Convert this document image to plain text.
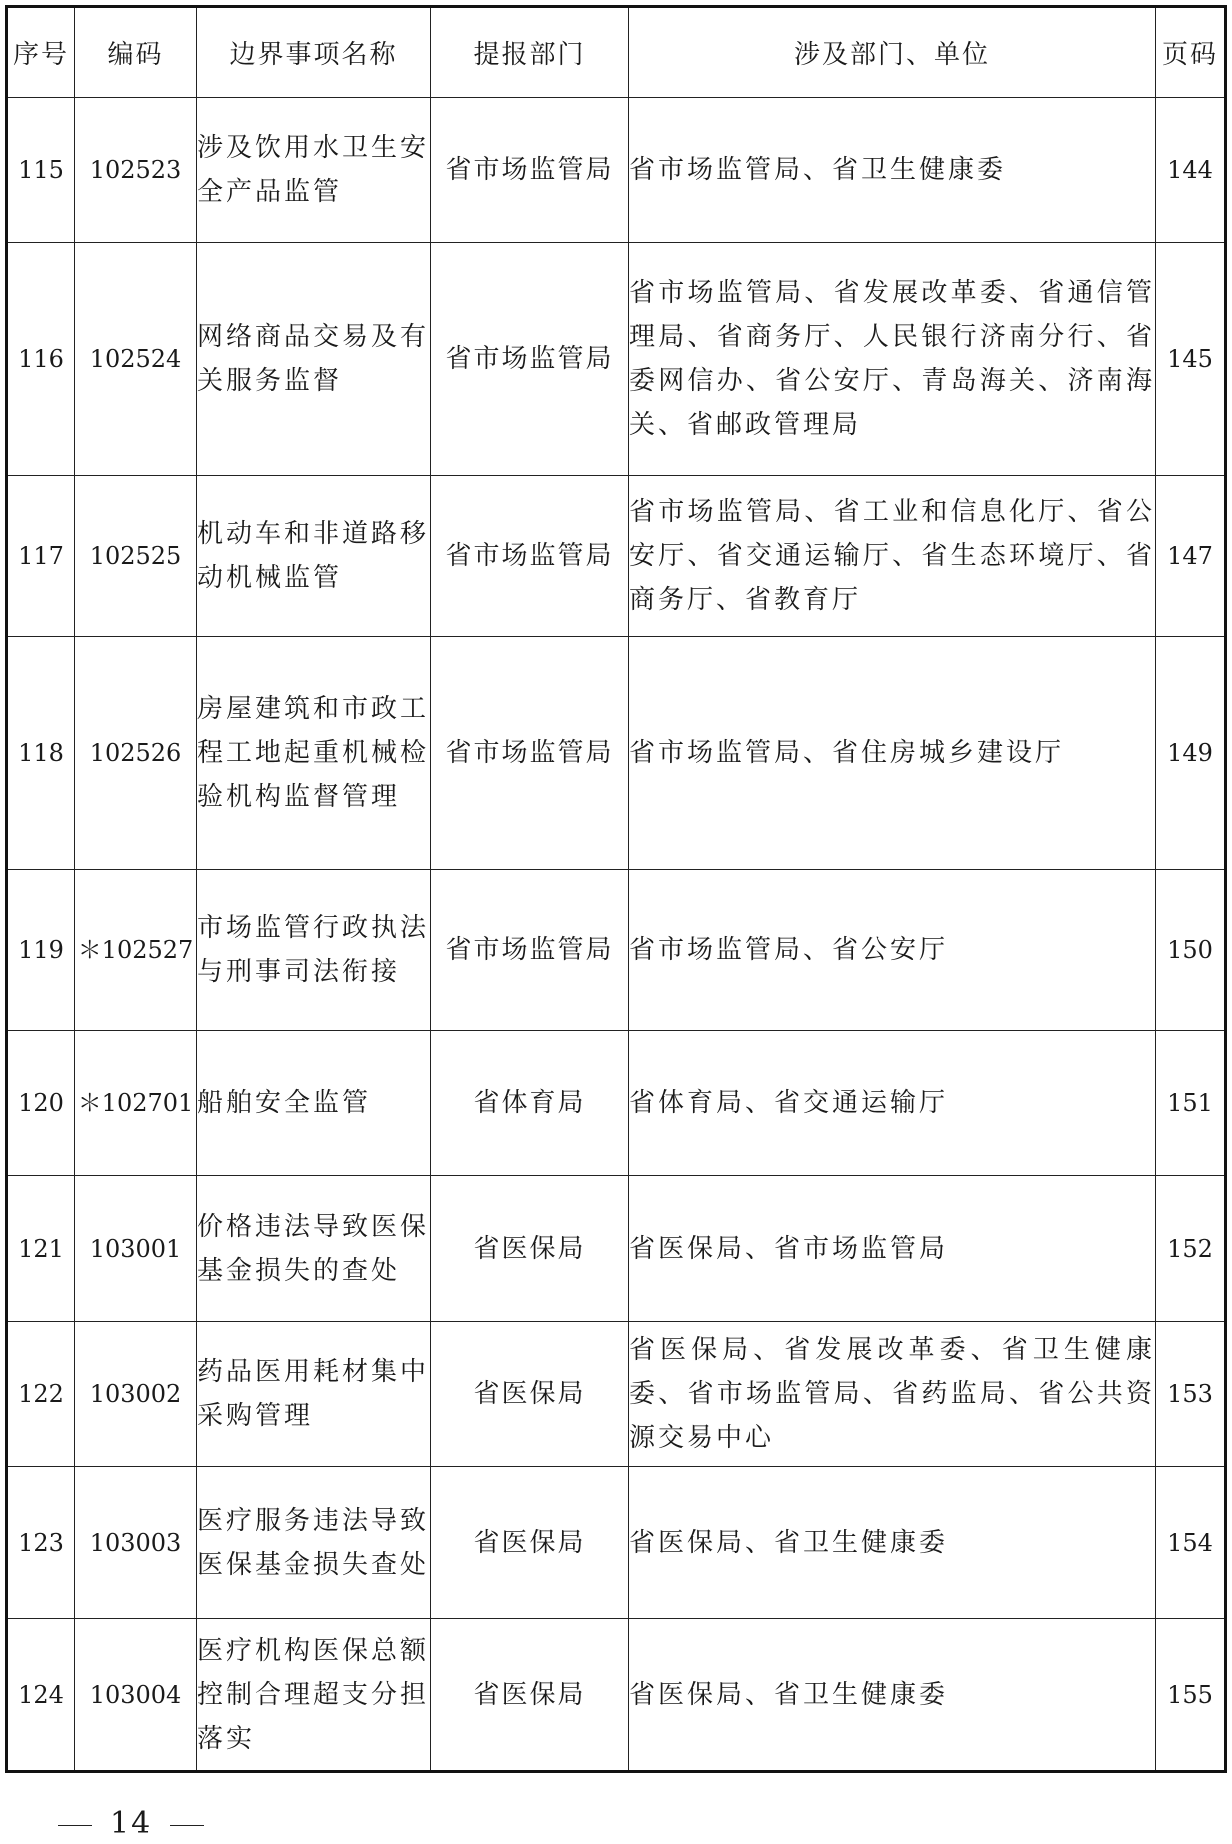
序号	编码	边界事项名称	提报部门	涉及部门、单位	页码
115	102523	涉及饮用水卫生安全产品监管	省市场监管局	省市场监管局、省卫生健康委	144
116	102524	网络商品交易及有关服务监督	省市场监管局	省市场监管局、省发展改革委、省通信管理局、省商务厅、人民银行济南分行、省委网信办、省公安厅、青岛海关、济南海关、省邮政管理局	145
117	102525	机动车和非道路移动机械监管	省市场监管局	省市场监管局、省工业和信息化厅、省公安厅、省交通运输厅、省生态环境厅、省商务厅、省教育厅	147
118	102526	房屋建筑和市政工程工地起重机械检验机构监督管理	省市场监管局	省市场监管局、省住房城乡建设厅	149
119	＊102527	市场监管行政执法与刑事司法衔接	省市场监管局	省市场监管局、省公安厅	150
120	＊102701	船舶安全监管	省体育局	省体育局、省交通运输厅	151
121	103001	价格违法导致医保基金损失的查处	省医保局	省医保局、省市场监管局	152
122	103002	药品医用耗材集中采购管理	省医保局	省医保局、省发展改革委、省卫生健康委、省市场监管局、省药监局、省公共资源交易中心	153
123	103003	医疗服务违法导致医保基金损失查处	省医保局	省医保局、省卫生健康委	154
124	103004	医疗机构医保总额控制合理超支分担落实	省医保局	省医保局、省卫生健康委	155
14
